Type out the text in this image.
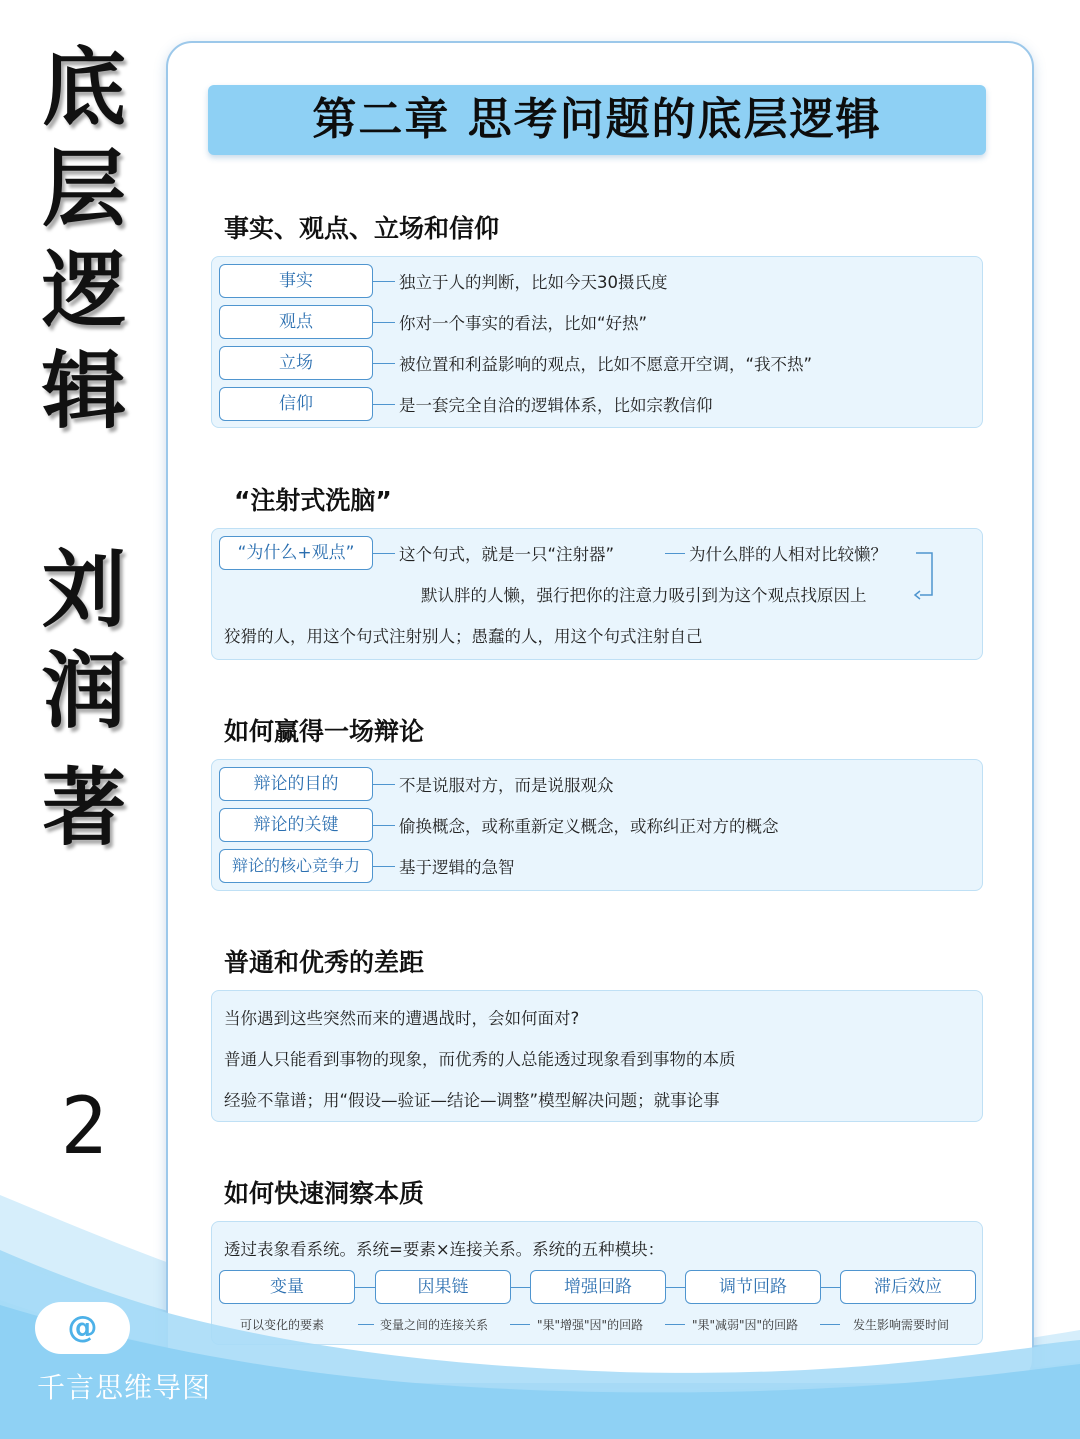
底
层
逻
辑
刘
润
著
2
第二章 思考问题的底层逻辑
事实、观点、立场和信仰
事实	独立于人的判断，比如今天30摄氏度
观点	你对一个事实的看法，比如“好热”
立场	被位置和利益影响的观点，比如不愿意开空调，“我不热”
信仰	是一套完全自洽的逻辑体系，比如宗教信仰
“注射式洗脑”
“为什么+观点”	这个句式，就是一只“注射器”	为什么胖的人相对比较懒？
默认胖的人懒，强行把你的注意力吸引到为这个观点找原因上
狡猾的人，用这个句式注射别人；愚蠢的人，用这个句式注射自己
如何赢得一场辩论
辩论的目的	不是说服对方，而是说服观众
辩论的关键	偷换概念，或称重新定义概念，或称纠正对方的概念
辩论的核心竞争力	基于逻辑的急智
普通和优秀的差距
当你遇到这些突然而来的遭遇战时，会如何面对?
普通人只能看到事物的现象，而优秀的人总能透过现象看到事物的本质
经验不靠谱；用“假设—验证—结论—调整”模型解决问题；就事论事
如何快速洞察本质
透过表象看系统。系统=要素×连接关系。系统的五种模块：
变量	因果链	增强回路	调节回路	滞后效应
可以变化的要素	变量之间的连接关系	"果"增强"因"的回路	"果"减弱"因"的回路	发生影响需要时间
@
千言思维导图
